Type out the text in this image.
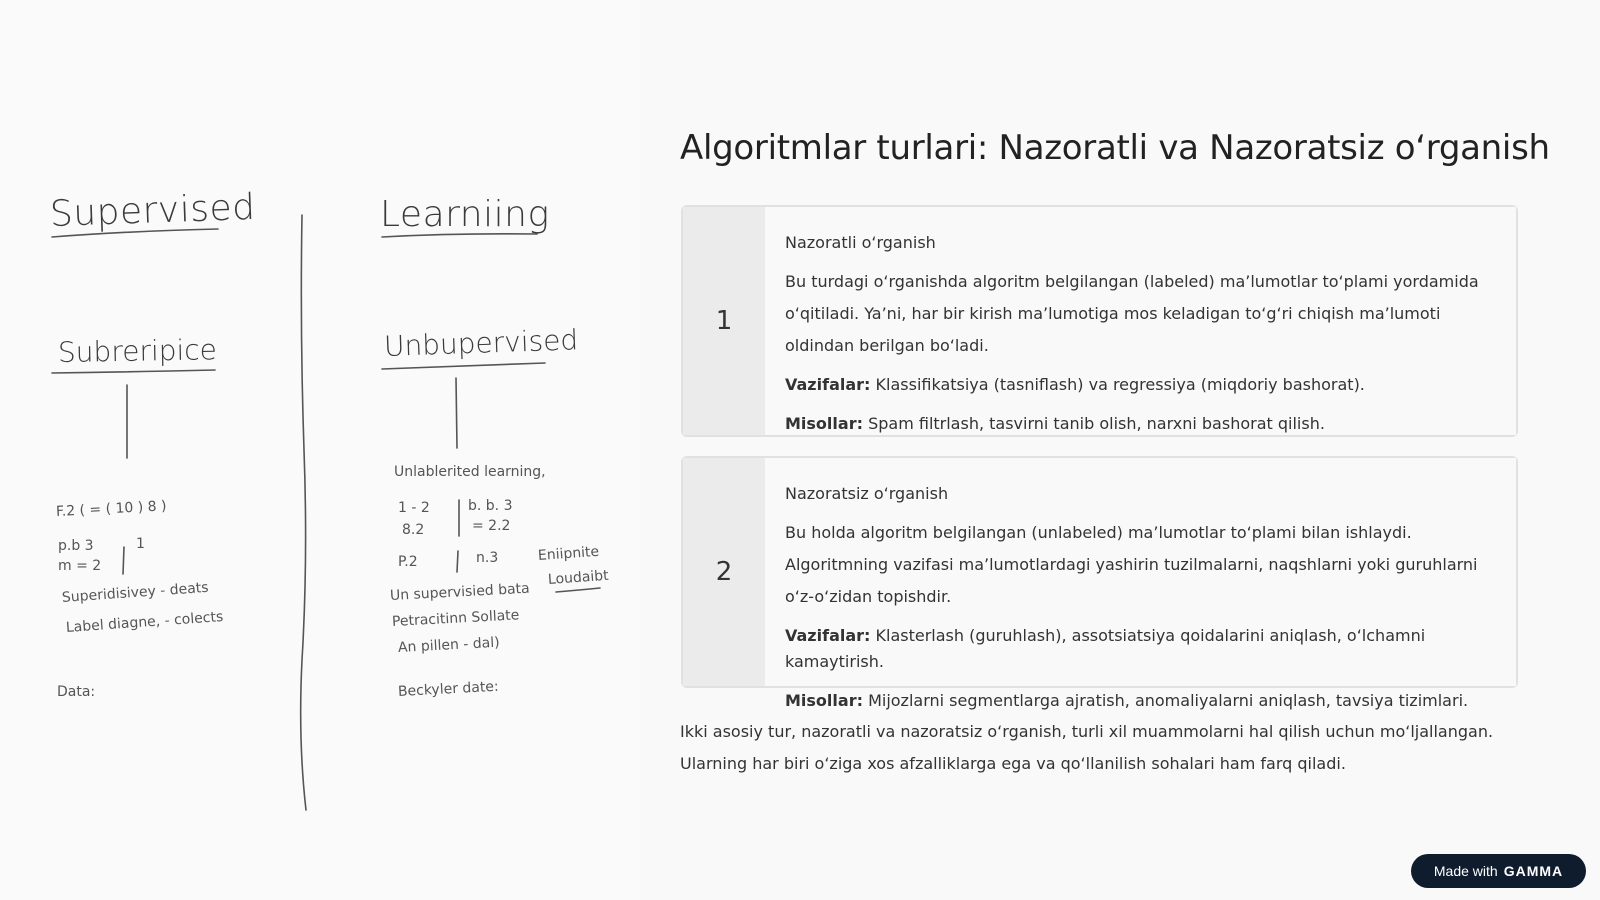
Supervised	Learniing
Subreripice	Unbupervised
F.2 ( = ( 10 ) 8 )
p.b 3
m = 2
1
Superidisivey - deats
Label diagne, - colects
Data:
Unlablerited learning,
1 - 2
8.2
b. b. 3
= 2.2
P.2	n.3
Un supervisied bata
Petracitinn Sollate
An pillen - dal)
Beckyler date:
Eniipnite
Loudaibt
Algoritmlar turlari: Nazoratli va Nazoratsiz o‘rganish
1
Nazoratli o‘rganish
Bu turdagi o‘rganishda algoritm belgilangan (labeled) ma’lumotlar to‘plami yordamida o‘qitiladi. Ya’ni, har bir kirish ma’lumotiga mos keladigan to‘g‘ri chiqish ma’lumoti oldindan berilgan bo‘ladi.
Vazifalar: Klassifikatsiya (tasniflash) va regressiya (miqdoriy bashorat).
Misollar: Spam filtrlash, tasvirni tanib olish, narxni bashorat qilish.
2
Nazoratsiz o‘rganish
Bu holda algoritm belgilangan (unlabeled) ma’lumotlar to‘plami bilan ishlaydi. Algoritmning vazifasi ma’lumotlardagi yashirin tuzilmalarni, naqshlarni yoki guruhlarni o‘z-o‘zidan topishdir.
Vazifalar: Klasterlash (guruhlash), assotsiatsiya qoidalarini aniqlash, o‘lchamni kamaytirish.
Misollar: Mijozlarni segmentlarga ajratish, anomaliyalarni aniqlash, tavsiya tizimlari.
Ikki asosiy tur, nazoratli va nazoratsiz o‘rganish, turli xil muammolarni hal qilish uchun mo‘ljallangan. Ularning har biri o‘ziga xos afzalliklarga ega va qo‘llanilish sohalari ham farq qiladi.
Made with GAMMA
